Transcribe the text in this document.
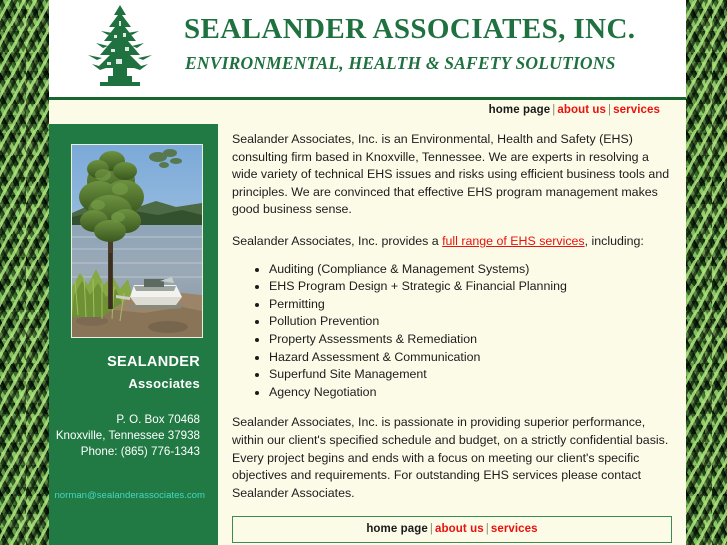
SEALANDER ASSOCIATES, INC.
ENVIRONMENTAL, HEALTH & SAFETY SOLUTIONS
home page | about us | services
SEALANDER
Associates
P. O. Box 70468
Knoxville, Tennessee 37938
Phone: (865) 776-1343
norman@sealanderassociates.com

Sealander Associates, Inc. is an Environmental, Health and Safety (EHS) consulting firm based in Knoxville, Tennessee. We are experts in resolving a wide variety of technical EHS issues and risks using efficient business tools and principles. We are convinced that effective EHS program management makes good business sense.

Sealander Associates, Inc. provides a full range of EHS services, including:

• Auditing (Compliance & Management Systems)
• EHS Program Design + Strategic & Financial Planning
• Permitting
• Pollution Prevention
• Property Assessments & Remediation
• Hazard Assessment & Communication
• Superfund Site Management
• Agency Negotiation

Sealander Associates, Inc. is passionate in providing superior performance, within our client's specified schedule and budget, on a strictly confidential basis. Every project begins and ends with a focus on meeting our client's specific objectives and requirements. For outstanding EHS services please contact Sealander Associates.

home page | about us | services
